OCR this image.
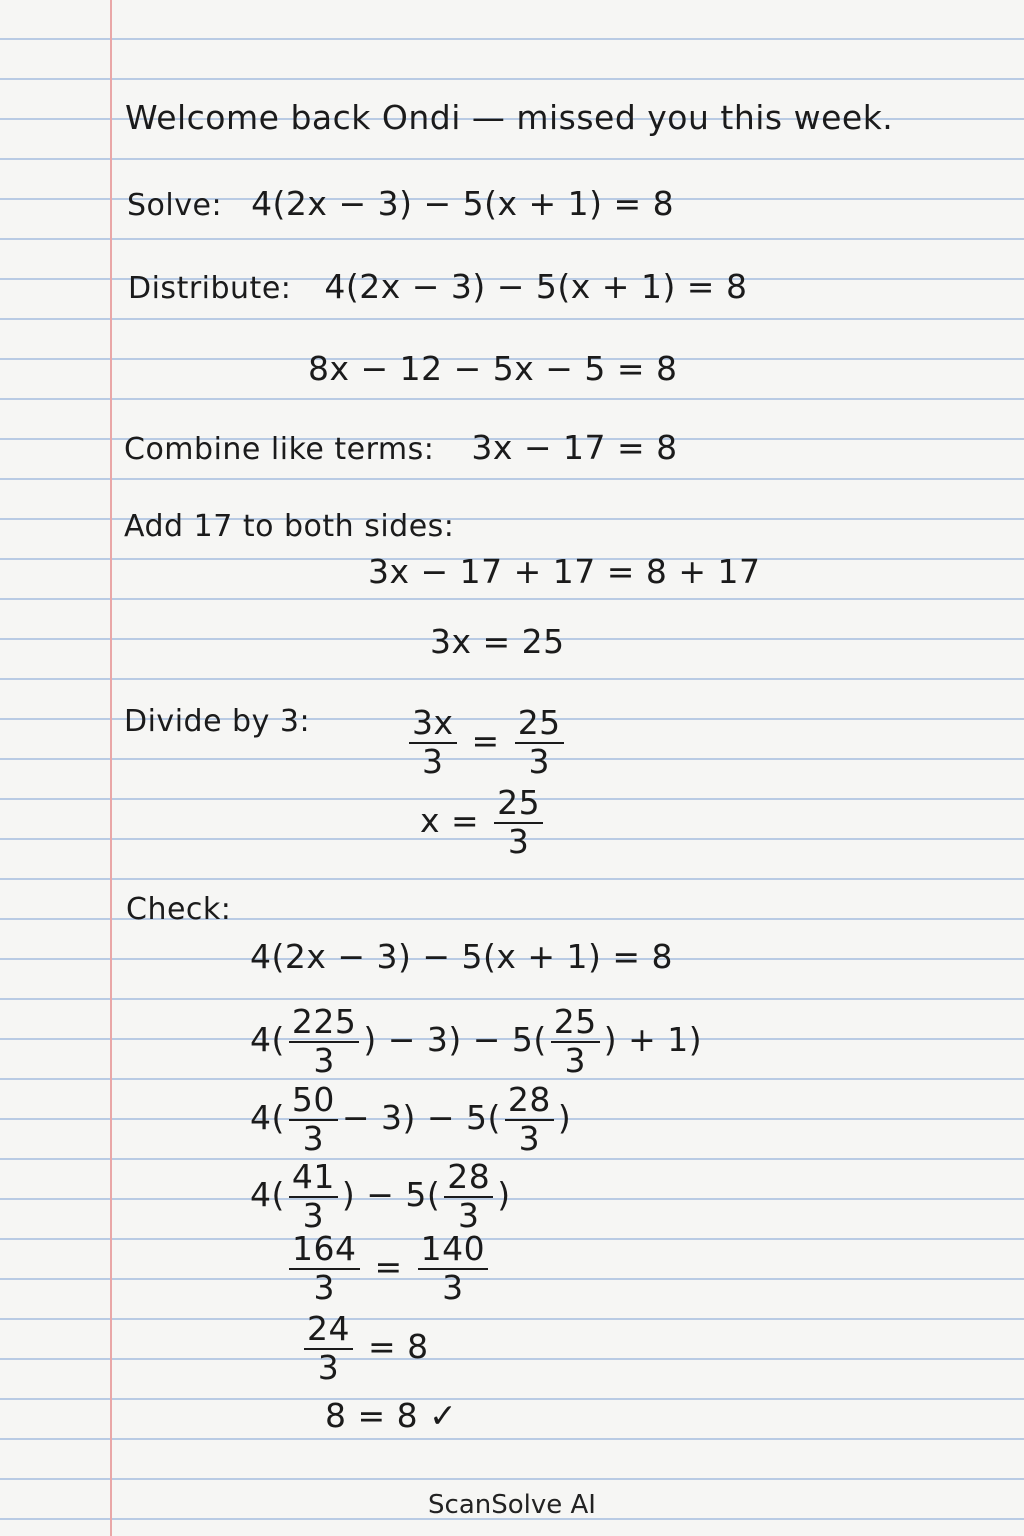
Welcome back Ondi — missed you this week.
Solve: 4(2x − 3) − 5(x + 1) = 8
Distribute: 4(2x − 3) − 5(x + 1) = 8
8x − 12 − 5x − 5 = 8
Combine like terms: 3x − 17 = 8
Add 17 to both sides:
3x − 17 + 17 = 8 + 17
3x = 25
Divide by 3:	$\frac{3x}{3} = \frac{25}{3}$
$x = \frac{25}{3}$
Check:
4(2x − 3) − 5(x + 1) = 8
$4( \frac{225}{3}$ ) − $3) - 5( \frac{25}{3}$ ) + 1)
$4( \frac{50}{3} - 3) - 5( \frac{28}{3}$ )
$4( \frac{41}{3}$ ) − $5( \frac{28}{3}$ )
$\frac{164}{3} = \frac{140}{3}$
$\frac{24}{3} = 8$
8 = 8 ✓
ScanSolve AI
